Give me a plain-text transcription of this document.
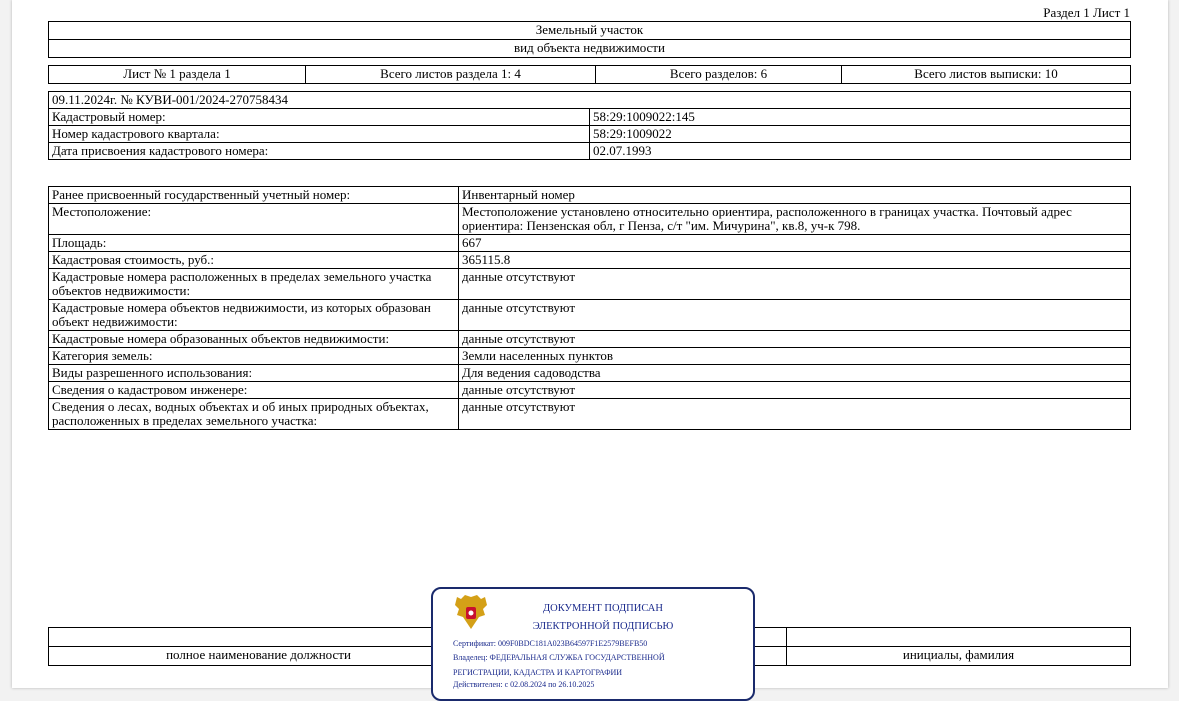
Раздел 1 Лист 1
Земельный участок
вид объекта недвижимости
Лист № 1 раздела 1	Всего листов раздела 1: 4	Всего разделов: 6	Всего листов выписки: 10
09.11.2024г. № КУВИ-001/2024-270758434	
Кадастровый номер:	58:29:1009022:145
Номер кадастрового квартала:	58:29:1009022
Дата присвоения кадастрового номера:	02.07.1993
Ранее присвоенный государственный учетный номер:	Инвентарный номер
Местоположение:	Местоположение установлено относительно ориентира, расположенного в границах участка. Почтовый адрес ориентира: Пензенская обл, г Пенза, с/т "им. Мичурина", кв.8, уч-к 798.
Площадь:	667
Кадастровая стоимость, руб.:	365115.8
Кадастровые номера расположенных в пределах земельного участка объектов недвижимости:	данные отсутствуют
Кадастровые номера объектов недвижимости, из которых образован объект недвижимости:	данные отсутствуют
Кадастровые номера образованных объектов недвижимости:	данные отсутствуют
Категория земель:	Земли населенных пунктов
Виды разрешенного использования:	Для ведения садоводства
Сведения о кадастровом инженере:	данные отсутствуют
Сведения о лесах, водных объектах и об иных природных объектах, расположенных в пределах земельного участка:	данные отсутствуют

полное наименование должности		инициалы, фамилия
ДОКУМЕНТ ПОДПИСАН
ЭЛЕКТРОННОЙ ПОДПИСЬЮ
Сертификат: 009F0BDC181A023B64597F1E2579BEFB50
Владелец: ФЕДЕРАЛЬНАЯ СЛУЖБА ГОСУДАРСТВЕННОЙ
РЕГИСТРАЦИИ, КАДАСТРА И КАРТОГРАФИИ
Действителен: с 02.08.2024 по 26.10.2025
